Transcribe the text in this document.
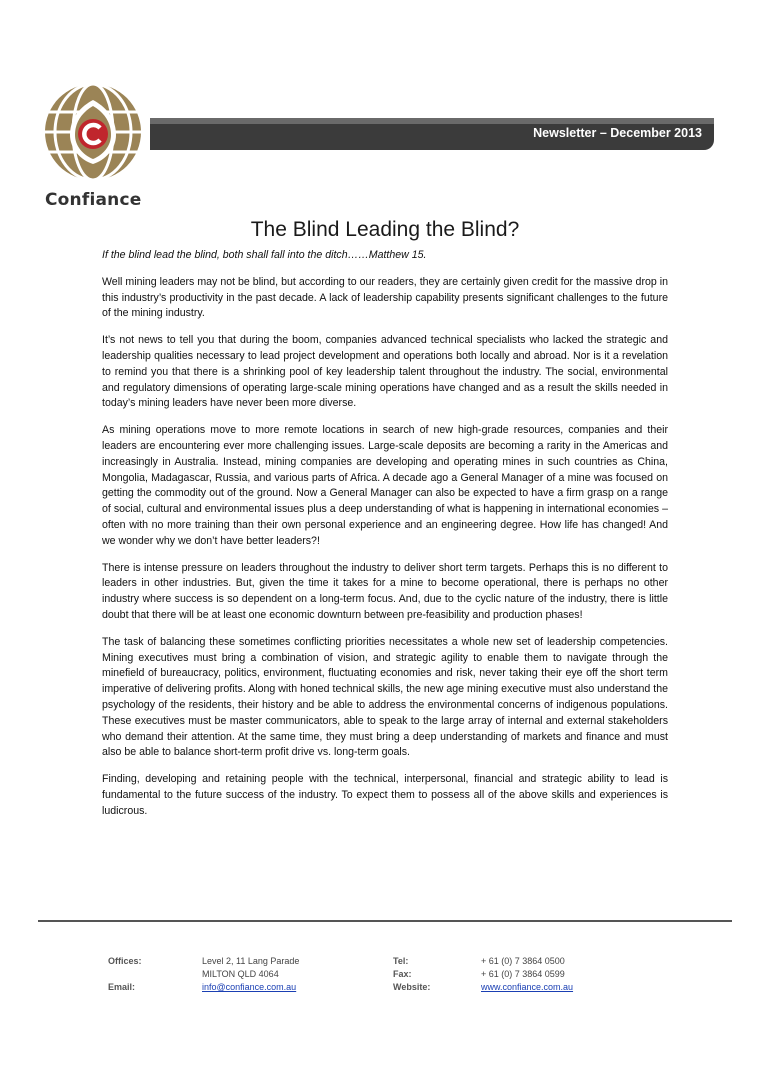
Confiance
Newsletter – December 2013
The Blind Leading the Blind?

If the blind lead the blind, both shall fall into the ditch……Matthew 15.

Well mining leaders may not be blind, but according to our readers, they are certainly given credit for the massive drop in this industry’s productivity in the past decade. A lack of leadership capability presents significant challenges to the future of the mining industry.

It’s not news to tell you that during the boom, companies advanced technical specialists who lacked the strategic and leadership qualities necessary to lead project development and operations both locally and abroad. Nor is it a revelation to remind you that there is a shrinking pool of key leadership talent throughout the industry. The social, environmental and regulatory dimensions of operating large-scale mining operations have changed and as a result the skills needed in today’s mining leaders have never been more diverse.

As mining operations move to more remote locations in search of new high-grade resources, companies and their leaders are encountering ever more challenging issues. Large-scale deposits are becoming a rarity in the Americas and increasingly in Australia. Instead, mining companies are developing and operating mines in such countries as China, Mongolia, Madagascar, Russia, and various parts of Africa. A decade ago a General Manager of a mine was focused on getting the commodity out of the ground. Now a General Manager can also be expected to have a firm grasp on a range of social, cultural and environmental issues plus a deep understanding of what is happening in international economies – often with no more training than their own personal experience and an engineering degree. How life has changed! And we wonder why we don’t have better leaders?!

There is intense pressure on leaders throughout the industry to deliver short term targets. Perhaps this is no different to leaders in other industries. But, given the time it takes for a mine to become operational, there is perhaps no other industry where success is so dependent on a long-term focus. And, due to the cyclic nature of the industry, there is little doubt that there will be at least one economic downturn between pre-feasibility and production phases!

The task of balancing these sometimes conflicting priorities necessitates a whole new set of leadership competencies. Mining executives must bring a combination of vision, and strategic agility to enable them to navigate through the minefield of bureaucracy, politics, environment, fluctuating economies and risk, never taking their eye off the short term imperative of delivering profits. Along with honed technical skills, the new age mining executive must also understand the psychology of the residents, their history and be able to address the environmental concerns of indigenous populations. These executives must be master communicators, able to speak to the large array of internal and external stakeholders who demand their attention. At the same time, they must bring a deep understanding of markets and finance and must also be able to balance short-term profit drive vs. long-term goals.

Finding, developing and retaining people with the technical, interpersonal, financial and strategic ability to lead is fundamental to the future success of the industry. To expect them to possess all of the above skills and experiences is ludicrous.

Offices:

Email:
Level 2, 11 Lang Parade
MILTON QLD 4064
info@confiance.com.au
Tel:
Fax:
Website:
+ 61 (0) 7 3864 0500
+ 61 (0) 7 3864 0599
www.confiance.com.au
